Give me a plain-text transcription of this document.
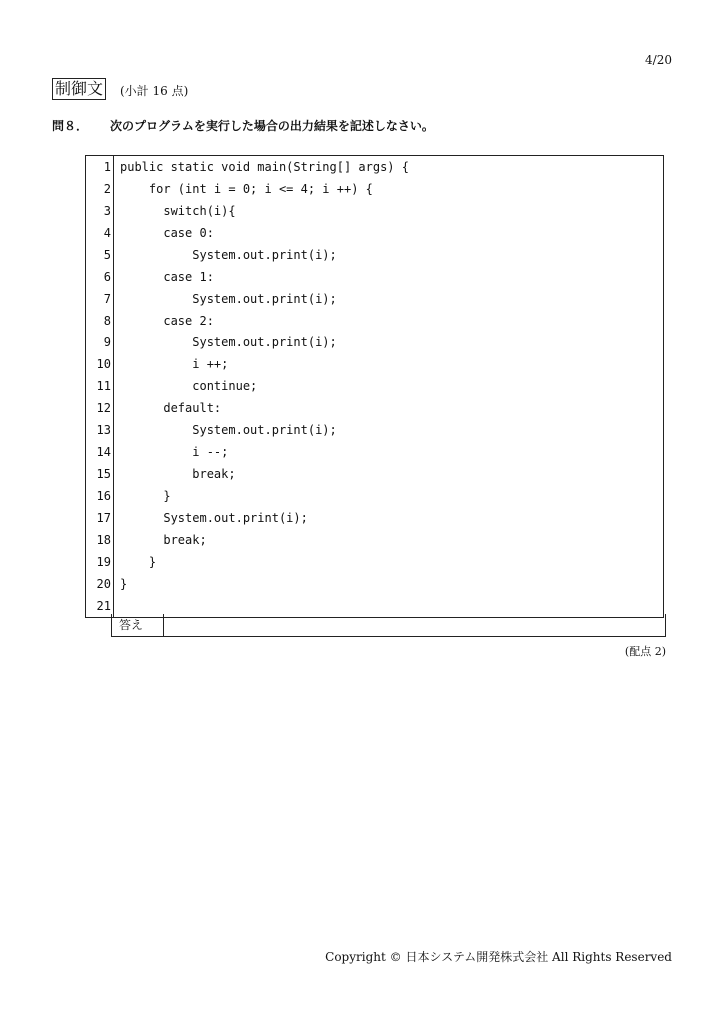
4/20
制御文 (小計 16 点)
問８． 次のプログラムを実行した場合の出力結果を記述しなさい。
1	public static void main(String[] args) {
2	for (int i = 0; i <= 4; i ++) {
3	switch(i){
4	case 0:
5	System.out.print(i);
6	case 1:
7	System.out.print(i);
8	case 2:
9	System.out.print(i);
10	i ++;
11	continue;
12	default:
13	System.out.print(i);
14	i --;
15	break;
16	}
17	System.out.print(i);
18	break;
19	}
20	}
21	
答え
(配点 2)
Copyright © 日本システム開発株式会社 All Rights Reserved
